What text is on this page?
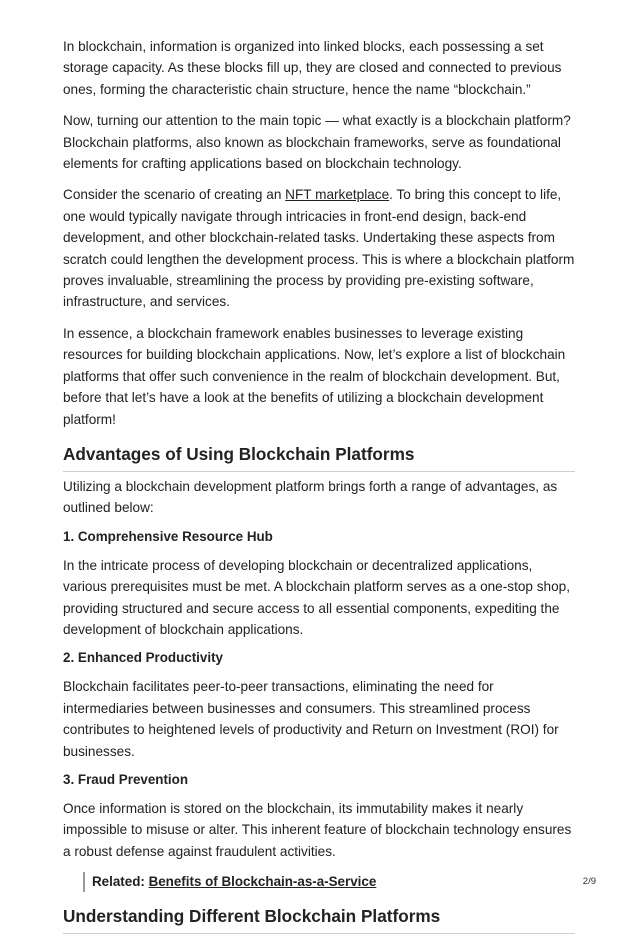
In blockchain, information is organized into linked blocks, each possessing a set storage capacity. As these blocks fill up, they are closed and connected to previous ones, forming the characteristic chain structure, hence the name “blockchain.”

Now, turning our attention to the main topic — what exactly is a blockchain platform? Blockchain platforms, also known as blockchain frameworks, serve as foundational elements for crafting applications based on blockchain technology.

Consider the scenario of creating an NFT marketplace. To bring this concept to life, one would typically navigate through intricacies in front-end design, back-end development, and other blockchain-related tasks. Undertaking these aspects from scratch could lengthen the development process. This is where a blockchain platform proves invaluable, streamlining the process by providing pre-existing software, infrastructure, and services.

In essence, a blockchain framework enables businesses to leverage existing resources for building blockchain applications. Now, let’s explore a list of blockchain platforms that offer such convenience in the realm of blockchain development. But, before that let’s have a look at the benefits of utilizing a blockchain development platform!

Advantages of Using Blockchain Platforms

Utilizing a blockchain development platform brings forth a range of advantages, as outlined below:

1. Comprehensive Resource Hub

In the intricate process of developing blockchain or decentralized applications, various prerequisites must be met. A blockchain platform serves as a one-stop shop, providing structured and secure access to all essential components, expediting the development of blockchain applications.

2. Enhanced Productivity

Blockchain facilitates peer-to-peer transactions, eliminating the need for intermediaries between businesses and consumers. This streamlined process contributes to heightened levels of productivity and Return on Investment (ROI) for businesses.

3. Fraud Prevention

Once information is stored on the blockchain, its immutability makes it nearly impossible to misuse or alter. This inherent feature of blockchain technology ensures a robust defense against fraudulent activities.

Related: Benefits of Blockchain-as-a-Service
Understanding Different Blockchain Platforms
2/9
